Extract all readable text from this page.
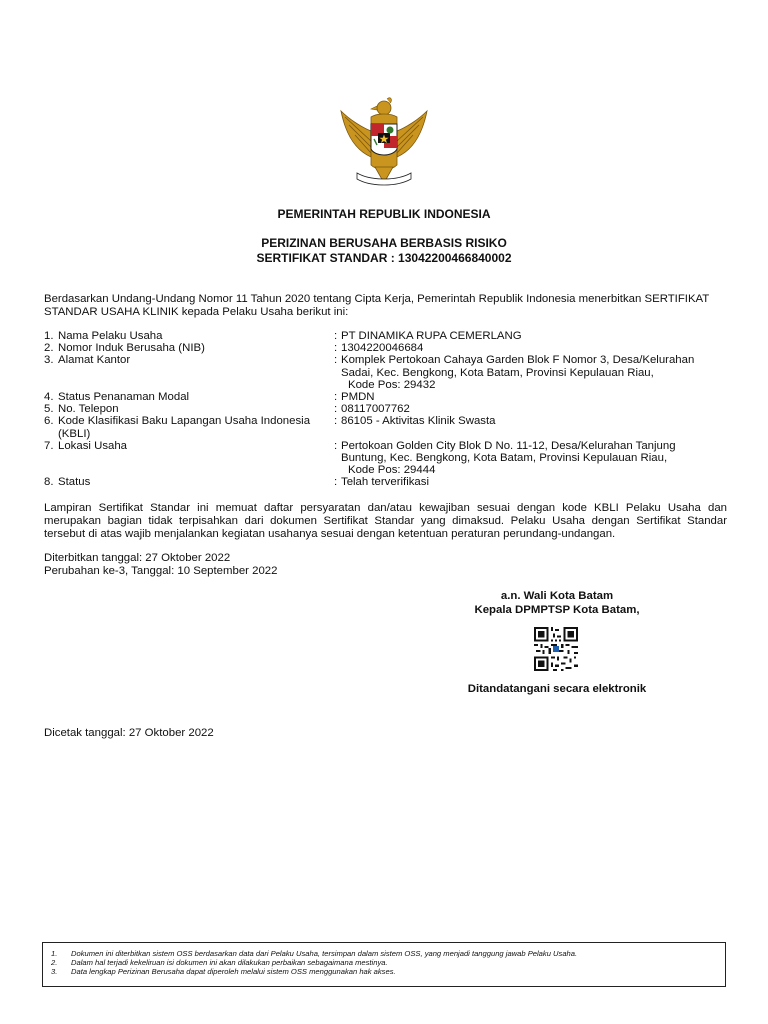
PEMERINTAH REPUBLIK INDONESIA
PERIZINAN BERUSAHA BERBASIS RISIKO
SERTIFIKAT STANDAR : 13042200466840002
Berdasarkan Undang-Undang Nomor 11 Tahun 2020 tentang Cipta Kerja, Pemerintah Republik Indonesia menerbitkan SERTIFIKAT
STANDAR USAHA KLINIK kepada Pelaku Usaha berikut ini:
1. Nama Pelaku Usaha	: PT DINAMIKA RUPA CEMERLANG
2. Nomor Induk Berusaha (NIB)	: 1304220046684
3. Alamat Kantor	: Komplek Pertokoan Cahaya Garden Blok F Nomor 3, Desa/Kelurahan
Sadai, Kec. Bengkong, Kota Batam, Provinsi Kepulauan Riau,
Kode Pos: 29432
4. Status Penanaman Modal	: PMDN
5. No. Telepon	: 08117007762
6. Kode Klasifikasi Baku Lapangan Usaha Indonesia
(KBLI)
: 86105 - Aktivitas Klinik Swasta
7. Lokasi Usaha	: Pertokoan Golden City Blok D No. 11-12, Desa/Kelurahan Tanjung
Buntung, Kec. Bengkong, Kota Batam, Provinsi Kepulauan Riau,
Kode Pos: 29444
8. Status	: Telah terverifikasi
Lampiran Sertifikat Standar ini memuat daftar persyaratan dan/atau kewajiban sesuai dengan kode KBLI Pelaku Usaha dan
merupakan bagian tidak terpisahkan dari dokumen Sertifikat Standar yang dimaksud. Pelaku Usaha dengan Sertifikat Standar
tersebut di atas wajib menjalankan kegiatan usahanya sesuai dengan ketentuan peraturan perundang-undangan.
Diterbitkan tanggal: 27 Oktober 2022
Perubahan ke-3, Tanggal: 10 September 2022
a.n. Wali Kota Batam
Kepala DPMPTSP Kota Batam,
Ditandatangani secara elektronik
Dicetak tanggal: 27 Oktober 2022
1.	Dokumen ini diterbitkan sistem OSS berdasarkan data dari Pelaku Usaha, tersimpan dalam sistem OSS, yang menjadi tanggung jawab Pelaku Usaha.
2.	Dalam hal terjadi kekeliruan isi dokumen ini akan dilakukan perbaikan sebagaimana mestinya.
3.	Data lengkap Perizinan Berusaha dapat diperoleh melalui sistem OSS menggunakan hak akses.
